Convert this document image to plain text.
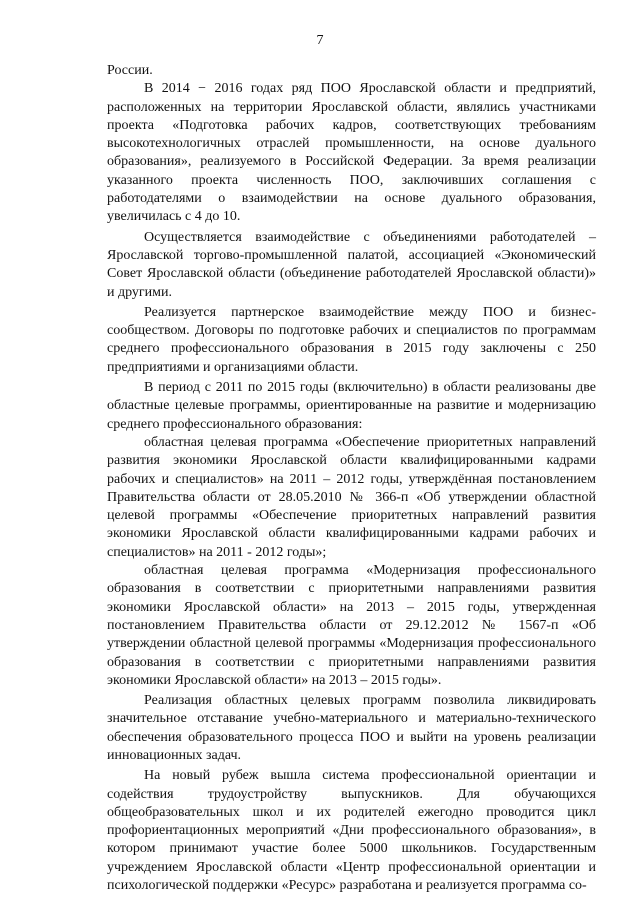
7

России.

В 2014 − 2016 годах ряд ПОО Ярославской области и предприятий, расположенных на территории Ярославской области, являлись участниками проекта «Подготовка рабочих кадров, соответствующих требованиям высокотехнологичных отраслей промышленности, на основе дуального образования», реализуемого в Российской Федерации. За время реализации указанного проекта численность ПОО, заключивших соглашения с работодателями о взаимодействии на основе дуального образования, увеличилась с 4 до 10.

Осуществляется взаимодействие с объединениями работодателей – Ярославской торгово-промышленной палатой, ассоциацией «Экономический Совет Ярославской области (объединение работодателей Ярославской области)» и другими.

Реализуется партнерское взаимодействие между ПОО и бизнес-сообществом. Договоры по подготовке рабочих и специалистов по программам среднего профессионального образования в 2015 году заключены с 250 предприятиями и организациями области.

В период с 2011 по 2015 годы (включительно) в области реализованы две областные целевые программы, ориентированные на развитие и модернизацию среднего профессионального образования:

областная целевая программа «Обеспечение приоритетных направлений развития экономики Ярославской области квалифицированными кадрами рабочих и специалистов» на 2011 – 2012 годы, утверждённая постановлением Правительства области от 28.05.2010 № 366-п «Об утверждении областной целевой программы «Обеспечение приоритетных направлений развития экономики Ярославской области квалифицированными кадрами рабочих и специалистов» на 2011 - 2012 годы»;

областная целевая программа «Модернизация профессионального образования в соответствии с приоритетными направлениями развития экономики Ярославской области» на 2013 – 2015 годы, утвержденная постановлением Правительства области от 29.12.2012 № 1567-п «Об утверждении областной целевой программы «Модернизация профессионального образования в соответствии с приоритетными направлениями развития экономики Ярославской области» на 2013 – 2015 годы».

Реализация областных целевых программ позволила ликвидировать значительное отставание учебно-материального и материально-технического обеспечения образовательного процесса ПОО и выйти на уровень реализации инновационных задач.

На новый рубеж вышла система профессиональной ориентации и содействия трудоустройству выпускников. Для обучающихся общеобразовательных школ и их родителей ежегодно проводится цикл профориентационных мероприятий «Дни профессионального образования», в котором принимают участие более 5000 школьников. Государственным учреждением Ярославской области «Центр профессиональной ориентации и психологической поддержки «Ресурс» разработана и реализуется программа со-
